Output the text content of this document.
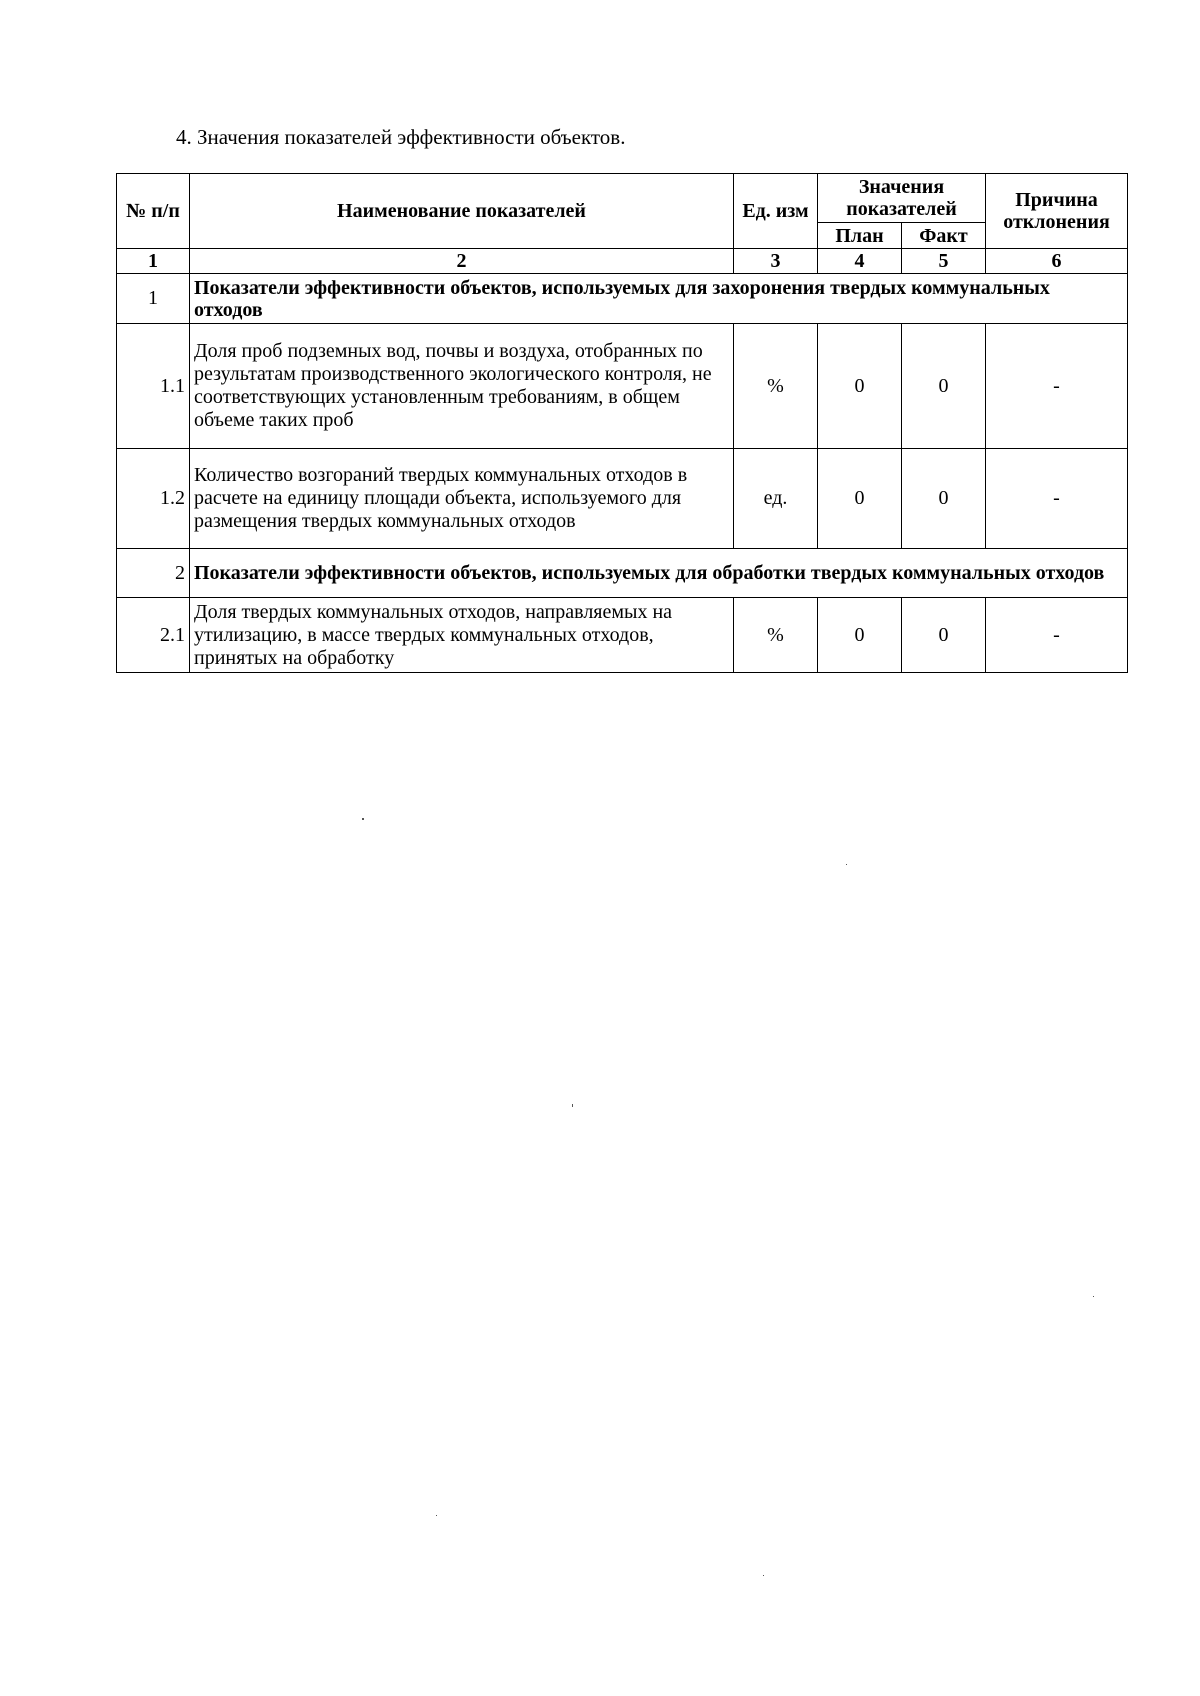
4. Значения показателей эффективности объектов.
№ п/п	Наименование показателей	Ед. изм	Значения показателей		Причина отклонения
			План	Факт	
1	2	3	4	5	6
1	Показатели эффективности объектов, используемых для захоронения твердых коммунальных отходов				
1.1	Доля проб подземных вод, почвы и воздуха, отобранных по результатам производственного экологического контроля, не соответствующих установленным требованиям, в общем объеме таких проб	%	0	0	-
1.2	Количество возгораний твердых коммунальных отходов в расчете на единицу площади объекта, используемого для размещения твердых коммунальных отходов	ед.	0	0	-
2	Показатели эффективности объектов, используемых для обработки твердых коммунальных отходов				
2.1	Доля твердых коммунальных отходов, направляемых на утилизацию, в массе твердых коммунальных отходов, принятых на обработку	%	0	0	-
